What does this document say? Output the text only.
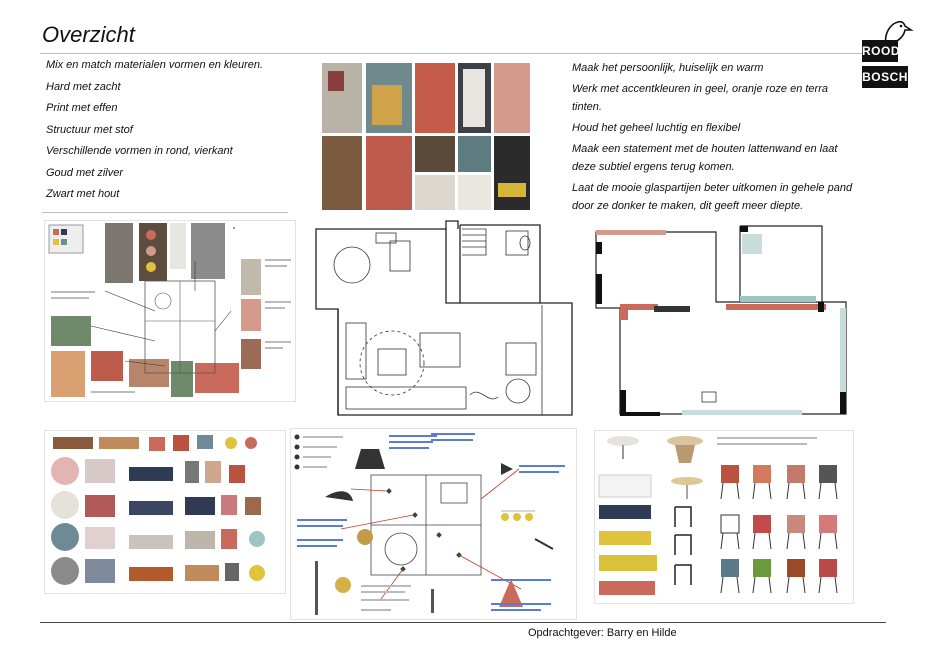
Overzicht
ROOD
BOSCH
Mix en match materialen vormen en kleuren.
Hard met zacht
Print met effen
Structuur met stof
Verschillende vormen in rond, vierkant
Goud met zilver
Zwart met hout
Maak het persoonlijk, huiselijk en warm
Werk met accentkleuren in geel, oranje roze en terra tinten.
Houd het geheel luchtig en flexibel
Maak een statement met de houten lattenwand en laat deze subtiel ergens terug komen.
Laat de mooie glaspartijen beter uitkomen in gehele pand door ze donker te maken, dit geeft meer diepte.
Opdrachtgever: Barry en Hilde
